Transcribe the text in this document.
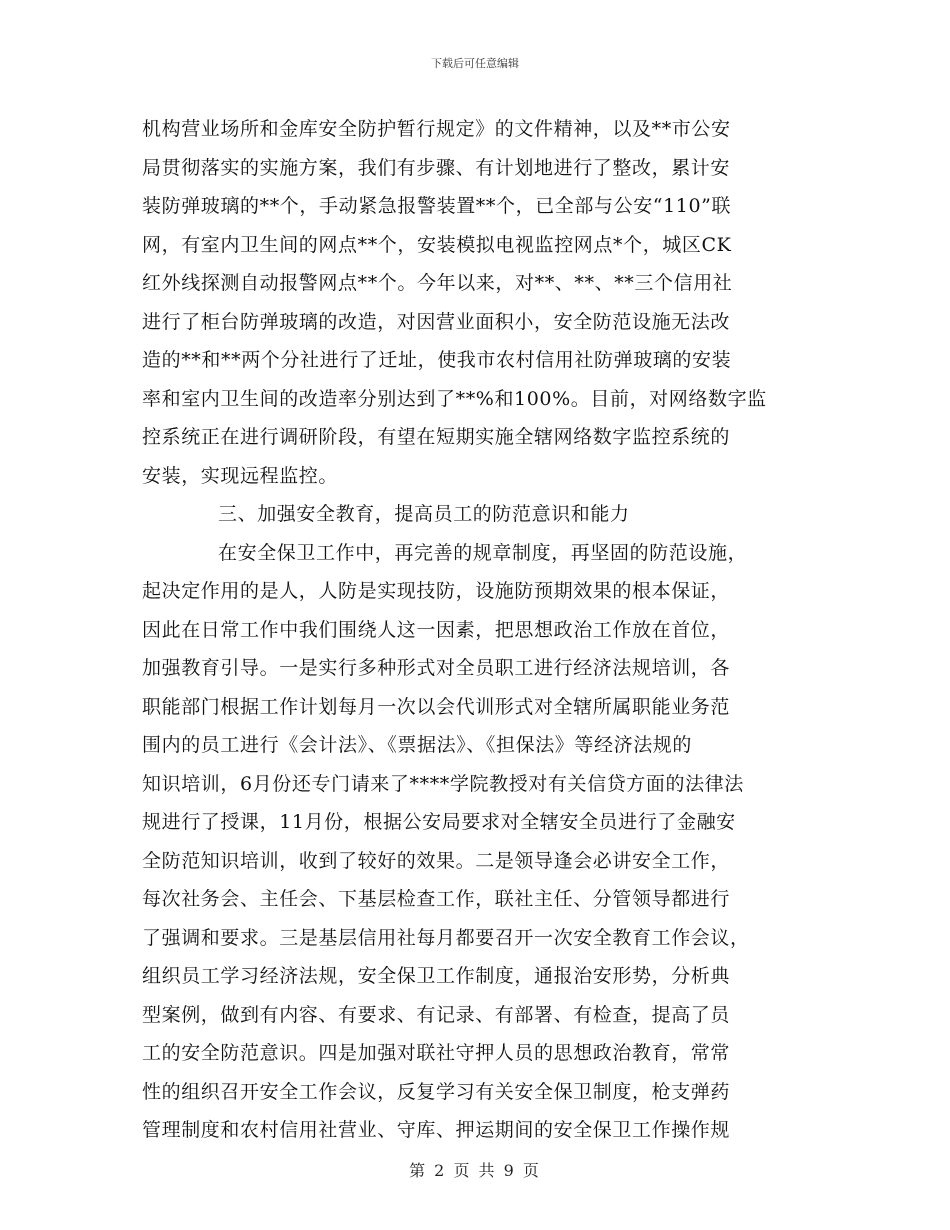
下载后可任意编辑
机构营业场所和金库安全防护暂行规定》的文件精神，以及**市公安
局贯彻落实的实施方案，我们有步骤、有计划地进行了整改，累计安
装防弹玻璃的**个，手动紧急报警装置**个，已全部与公安“110”联
网，有室内卫生间的网点**个，安装模拟电视监控网点*个，城区CK
红外线探测自动报警网点**个。今年以来，对**、**、**三个信用社
进行了柜台防弹玻璃的改造，对因营业面积小，安全防范设施无法改
造的**和**两个分社进行了迁址，使我市农村信用社防弹玻璃的安装
率和室内卫生间的改造率分别达到了**%和100%。目前，对网络数字监
控系统正在进行调研阶段，有望在短期实施全辖网络数字监控系统的
安装，实现远程监控。
三、加强安全教育，提高员工的防范意识和能力
在安全保卫工作中，再完善的规章制度，再坚固的防范设施，
起决定作用的是人，人防是实现技防，设施防预期效果的根本保证，
因此在日常工作中我们围绕人这一因素，把思想政治工作放在首位，
加强教育引导。一是实行多种形式对全员职工进行经济法规培训，各
职能部门根据工作计划每月一次以会代训形式对全辖所属职能业务范
围内的员工进行《会计法》、《票据法》、《担保法》等经济法规的
知识培训，6月份还专门请来了****学院教授对有关信贷方面的法律法
规进行了授课，11月份，根据公安局要求对全辖安全员进行了金融安
全防范知识培训，收到了较好的效果。二是领导逢会必讲安全工作，
每次社务会、主任会、下基层检查工作，联社主任、分管领导都进行
了强调和要求。三是基层信用社每月都要召开一次安全教育工作会议，
组织员工学习经济法规，安全保卫工作制度，通报治安形势，分析典
型案例，做到有内容、有要求、有记录、有部署、有检查，提高了员
工的安全防范意识。四是加强对联社守押人员的思想政治教育，常常
性的组织召开安全工作会议，反复学习有关安全保卫制度，枪支弹药
管理制度和农村信用社营业、守库、押运期间的安全保卫工作操作规
第 2 页 共 9 页
